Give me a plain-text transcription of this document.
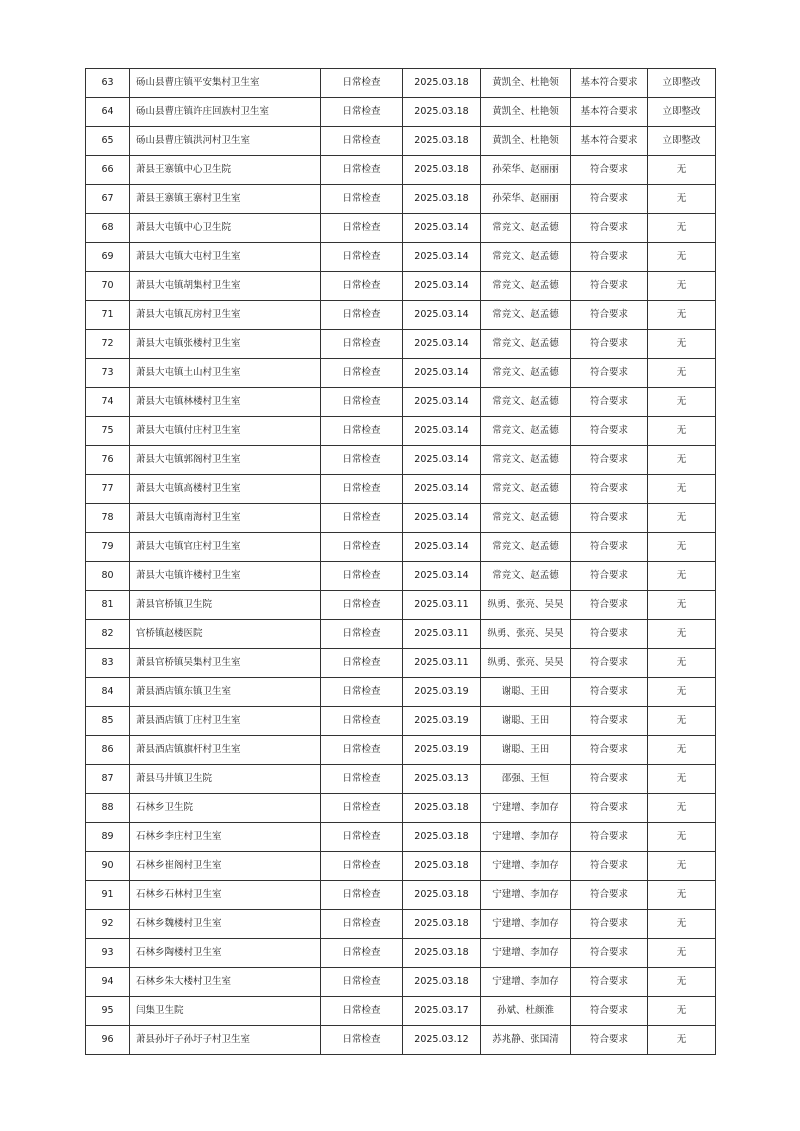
63	砀山县曹庄镇平安集村卫生室	日常检查	2025.03.18	黄凯全、杜艳领	基本符合要求	立即整改
64	砀山县曹庄镇许庄回族村卫生室	日常检查	2025.03.18	黄凯全、杜艳领	基本符合要求	立即整改
65	砀山县曹庄镇洪河村卫生室	日常检查	2025.03.18	黄凯全、杜艳领	基本符合要求	立即整改
66	萧县王寨镇中心卫生院	日常检查	2025.03.18	孙荣华、赵丽丽	符合要求	无
67	萧县王寨镇王寨村卫生室	日常检查	2025.03.18	孙荣华、赵丽丽	符合要求	无
68	萧县大屯镇中心卫生院	日常检查	2025.03.14	常竞文、赵孟德	符合要求	无
69	萧县大屯镇大屯村卫生室	日常检查	2025.03.14	常竞文、赵孟德	符合要求	无
70	萧县大屯镇胡集村卫生室	日常检查	2025.03.14	常竞文、赵孟德	符合要求	无
71	萧县大屯镇瓦房村卫生室	日常检查	2025.03.14	常竞文、赵孟德	符合要求	无
72	萧县大屯镇张楼村卫生室	日常检查	2025.03.14	常竞文、赵孟德	符合要求	无
73	萧县大屯镇土山村卫生室	日常检查	2025.03.14	常竞文、赵孟德	符合要求	无
74	萧县大屯镇林楼村卫生室	日常检查	2025.03.14	常竞文、赵孟德	符合要求	无
75	萧县大屯镇付庄村卫生室	日常检查	2025.03.14	常竞文、赵孟德	符合要求	无
76	萧县大屯镇郭阁村卫生室	日常检查	2025.03.14	常竞文、赵孟德	符合要求	无
77	萧县大屯镇高楼村卫生室	日常检查	2025.03.14	常竞文、赵孟德	符合要求	无
78	萧县大屯镇南海村卫生室	日常检查	2025.03.14	常竞文、赵孟德	符合要求	无
79	萧县大屯镇官庄村卫生室	日常检查	2025.03.14	常竞文、赵孟德	符合要求	无
80	萧县大屯镇许楼村卫生室	日常检查	2025.03.14	常竞文、赵孟德	符合要求	无
81	萧县官桥镇卫生院	日常检查	2025.03.11	纵勇、张亮、吴昊	符合要求	无
82	官桥镇赵楼医院	日常检查	2025.03.11	纵勇、张亮、吴昊	符合要求	无
83	萧县官桥镇吴集村卫生室	日常检查	2025.03.11	纵勇、张亮、吴昊	符合要求	无
84	萧县酒店镇东镇卫生室	日常检查	2025.03.19	谢聪、王田	符合要求	无
85	萧县酒店镇丁庄村卫生室	日常检查	2025.03.19	谢聪、王田	符合要求	无
86	萧县酒店镇旗杆村卫生室	日常检查	2025.03.19	谢聪、王田	符合要求	无
87	萧县马井镇卫生院	日常检查	2025.03.13	邵强、王恒	符合要求	无
88	石林乡卫生院	日常检查	2025.03.18	宁建增、李加存	符合要求	无
89	石林乡李庄村卫生室	日常检查	2025.03.18	宁建增、李加存	符合要求	无
90	石林乡崔阁村卫生室	日常检查	2025.03.18	宁建增、李加存	符合要求	无
91	石林乡石林村卫生室	日常检查	2025.03.18	宁建增、李加存	符合要求	无
92	石林乡魏楼村卫生室	日常检查	2025.03.18	宁建增、李加存	符合要求	无
93	石林乡陶楼村卫生室	日常检查	2025.03.18	宁建增、李加存	符合要求	无
94	石林乡朱大楼村卫生室	日常检查	2025.03.18	宁建增、李加存	符合要求	无
95	闫集卫生院	日常检查	2025.03.17	孙斌、杜颜淮	符合要求	无
96	萧县孙圩子孙圩子村卫生室	日常检查	2025.03.12	苏兆静、张国清	符合要求	无
